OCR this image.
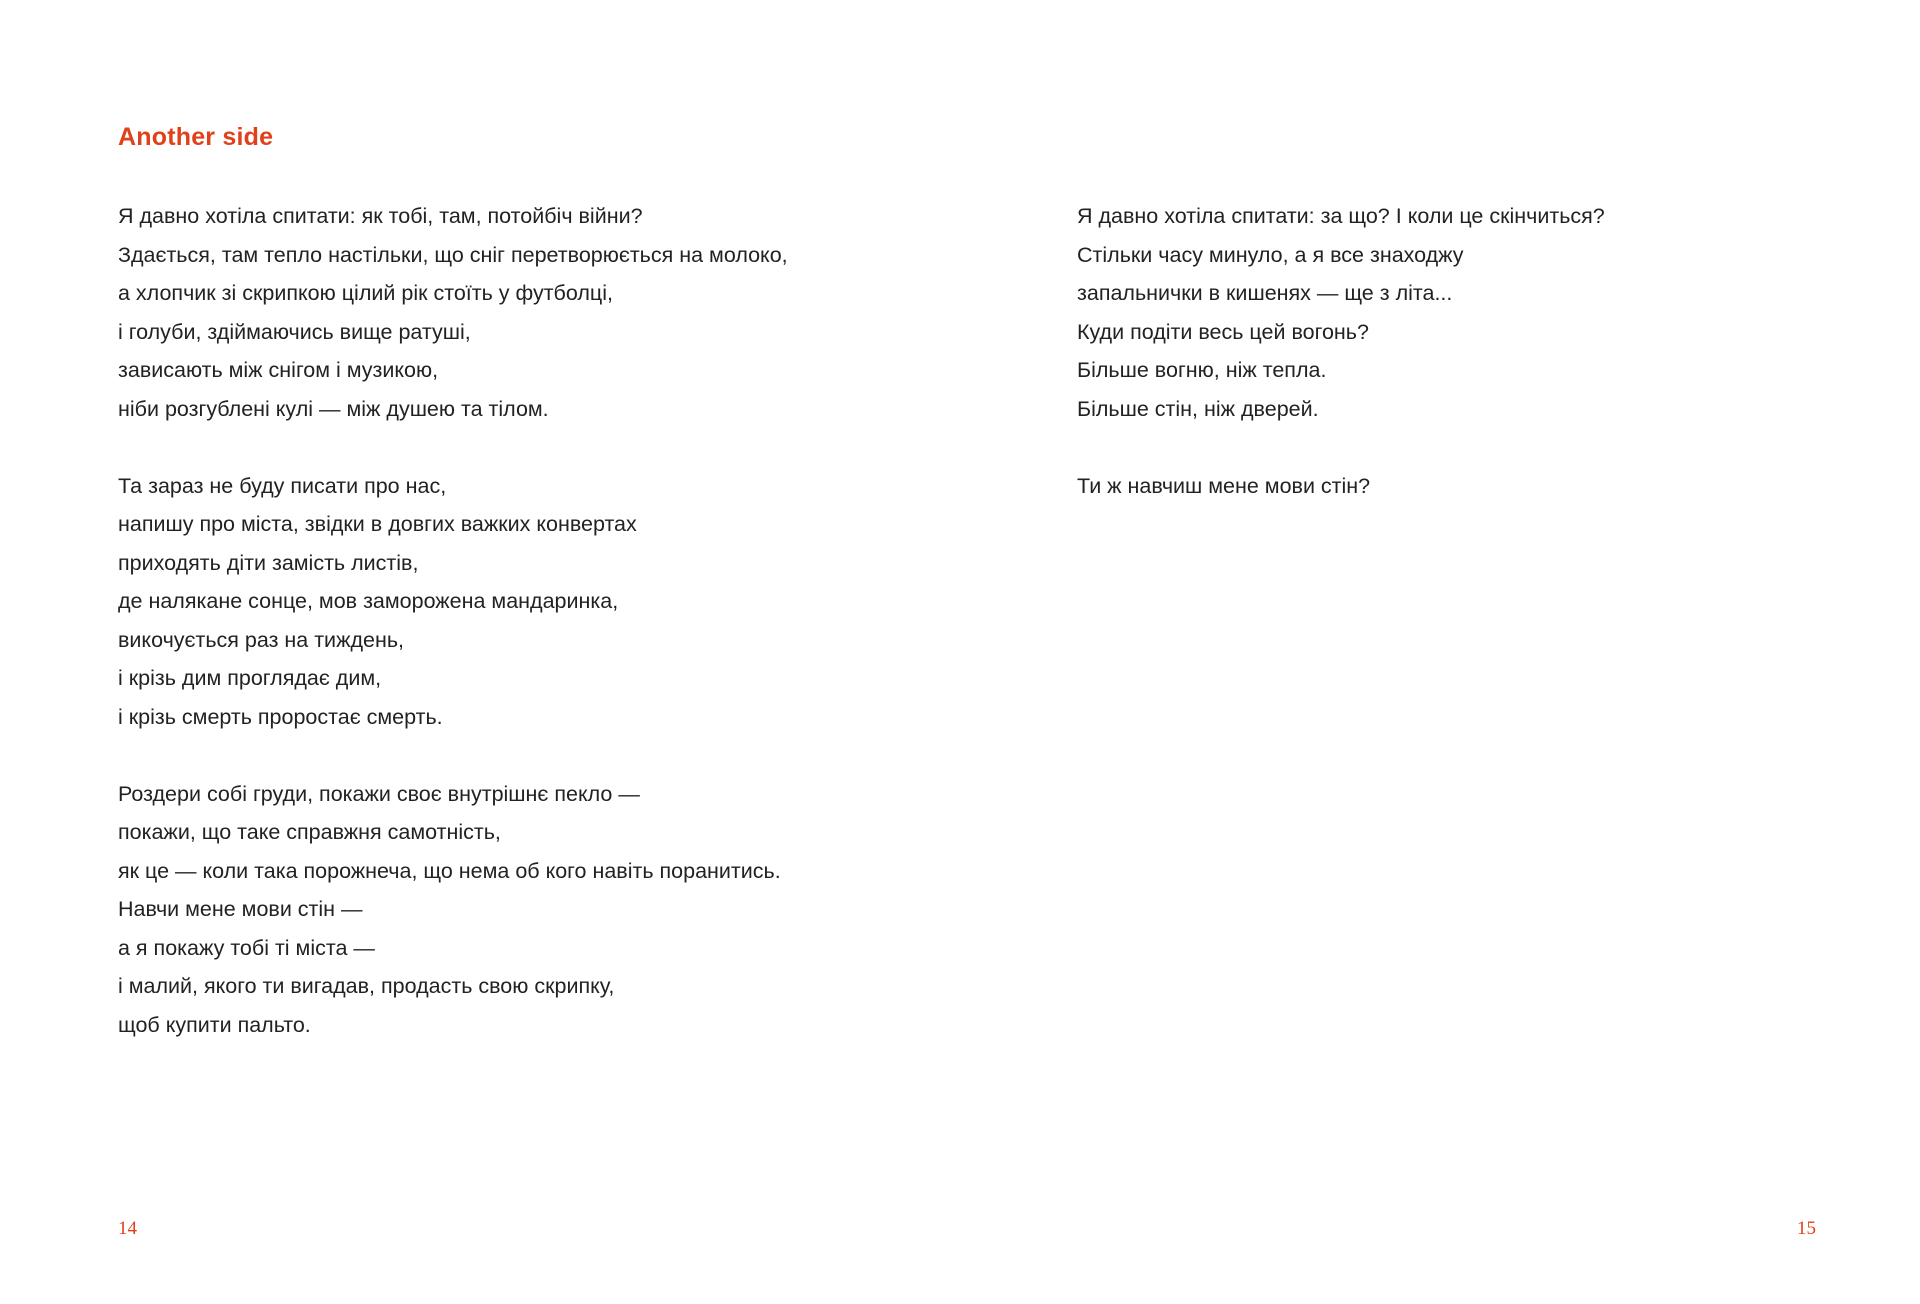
Another side
Я давно хотіла спитати: як тобі, там, потойбіч війни?
Здається, там тепло настільки, що сніг перетворюється на молоко,
а хлопчик зі скрипкою цілий рік стоїть у футболці,
і голуби, здіймаючись вище ратуші,
зависають між снігом і музикою,
ніби розгублені кулі — між душею та тілом.
Та зараз не буду писати про нас,
напишу про міста, звідки в довгих важких конвертах
приходять діти замість листів,
де налякане сонце, мов заморожена мандаринка,
викочується раз на тиждень,
і крізь дим проглядає дим,
і крізь смерть проростає смерть.
Роздери собі груди, покажи своє внутрішнє пекло —
покажи, що таке справжня самотність,
як це — коли така порожнеча, що нема об кого навіть поранитись.
Навчи мене мови стін —
а я покажу тобі ті міста —
і малий, якого ти вигадав, продасть свою скрипку,
щоб купити пальто.
14
Я давно хотіла спитати: за що? І коли це скінчиться?
Стільки часу минуло, а я все знаходжу
запальнички в кишенях — ще з літа...
Куди подіти весь цей вогонь?
Більше вогню, ніж тепла.
Більше стін, ніж дверей.
Ти ж навчиш мене мови стін?
15
